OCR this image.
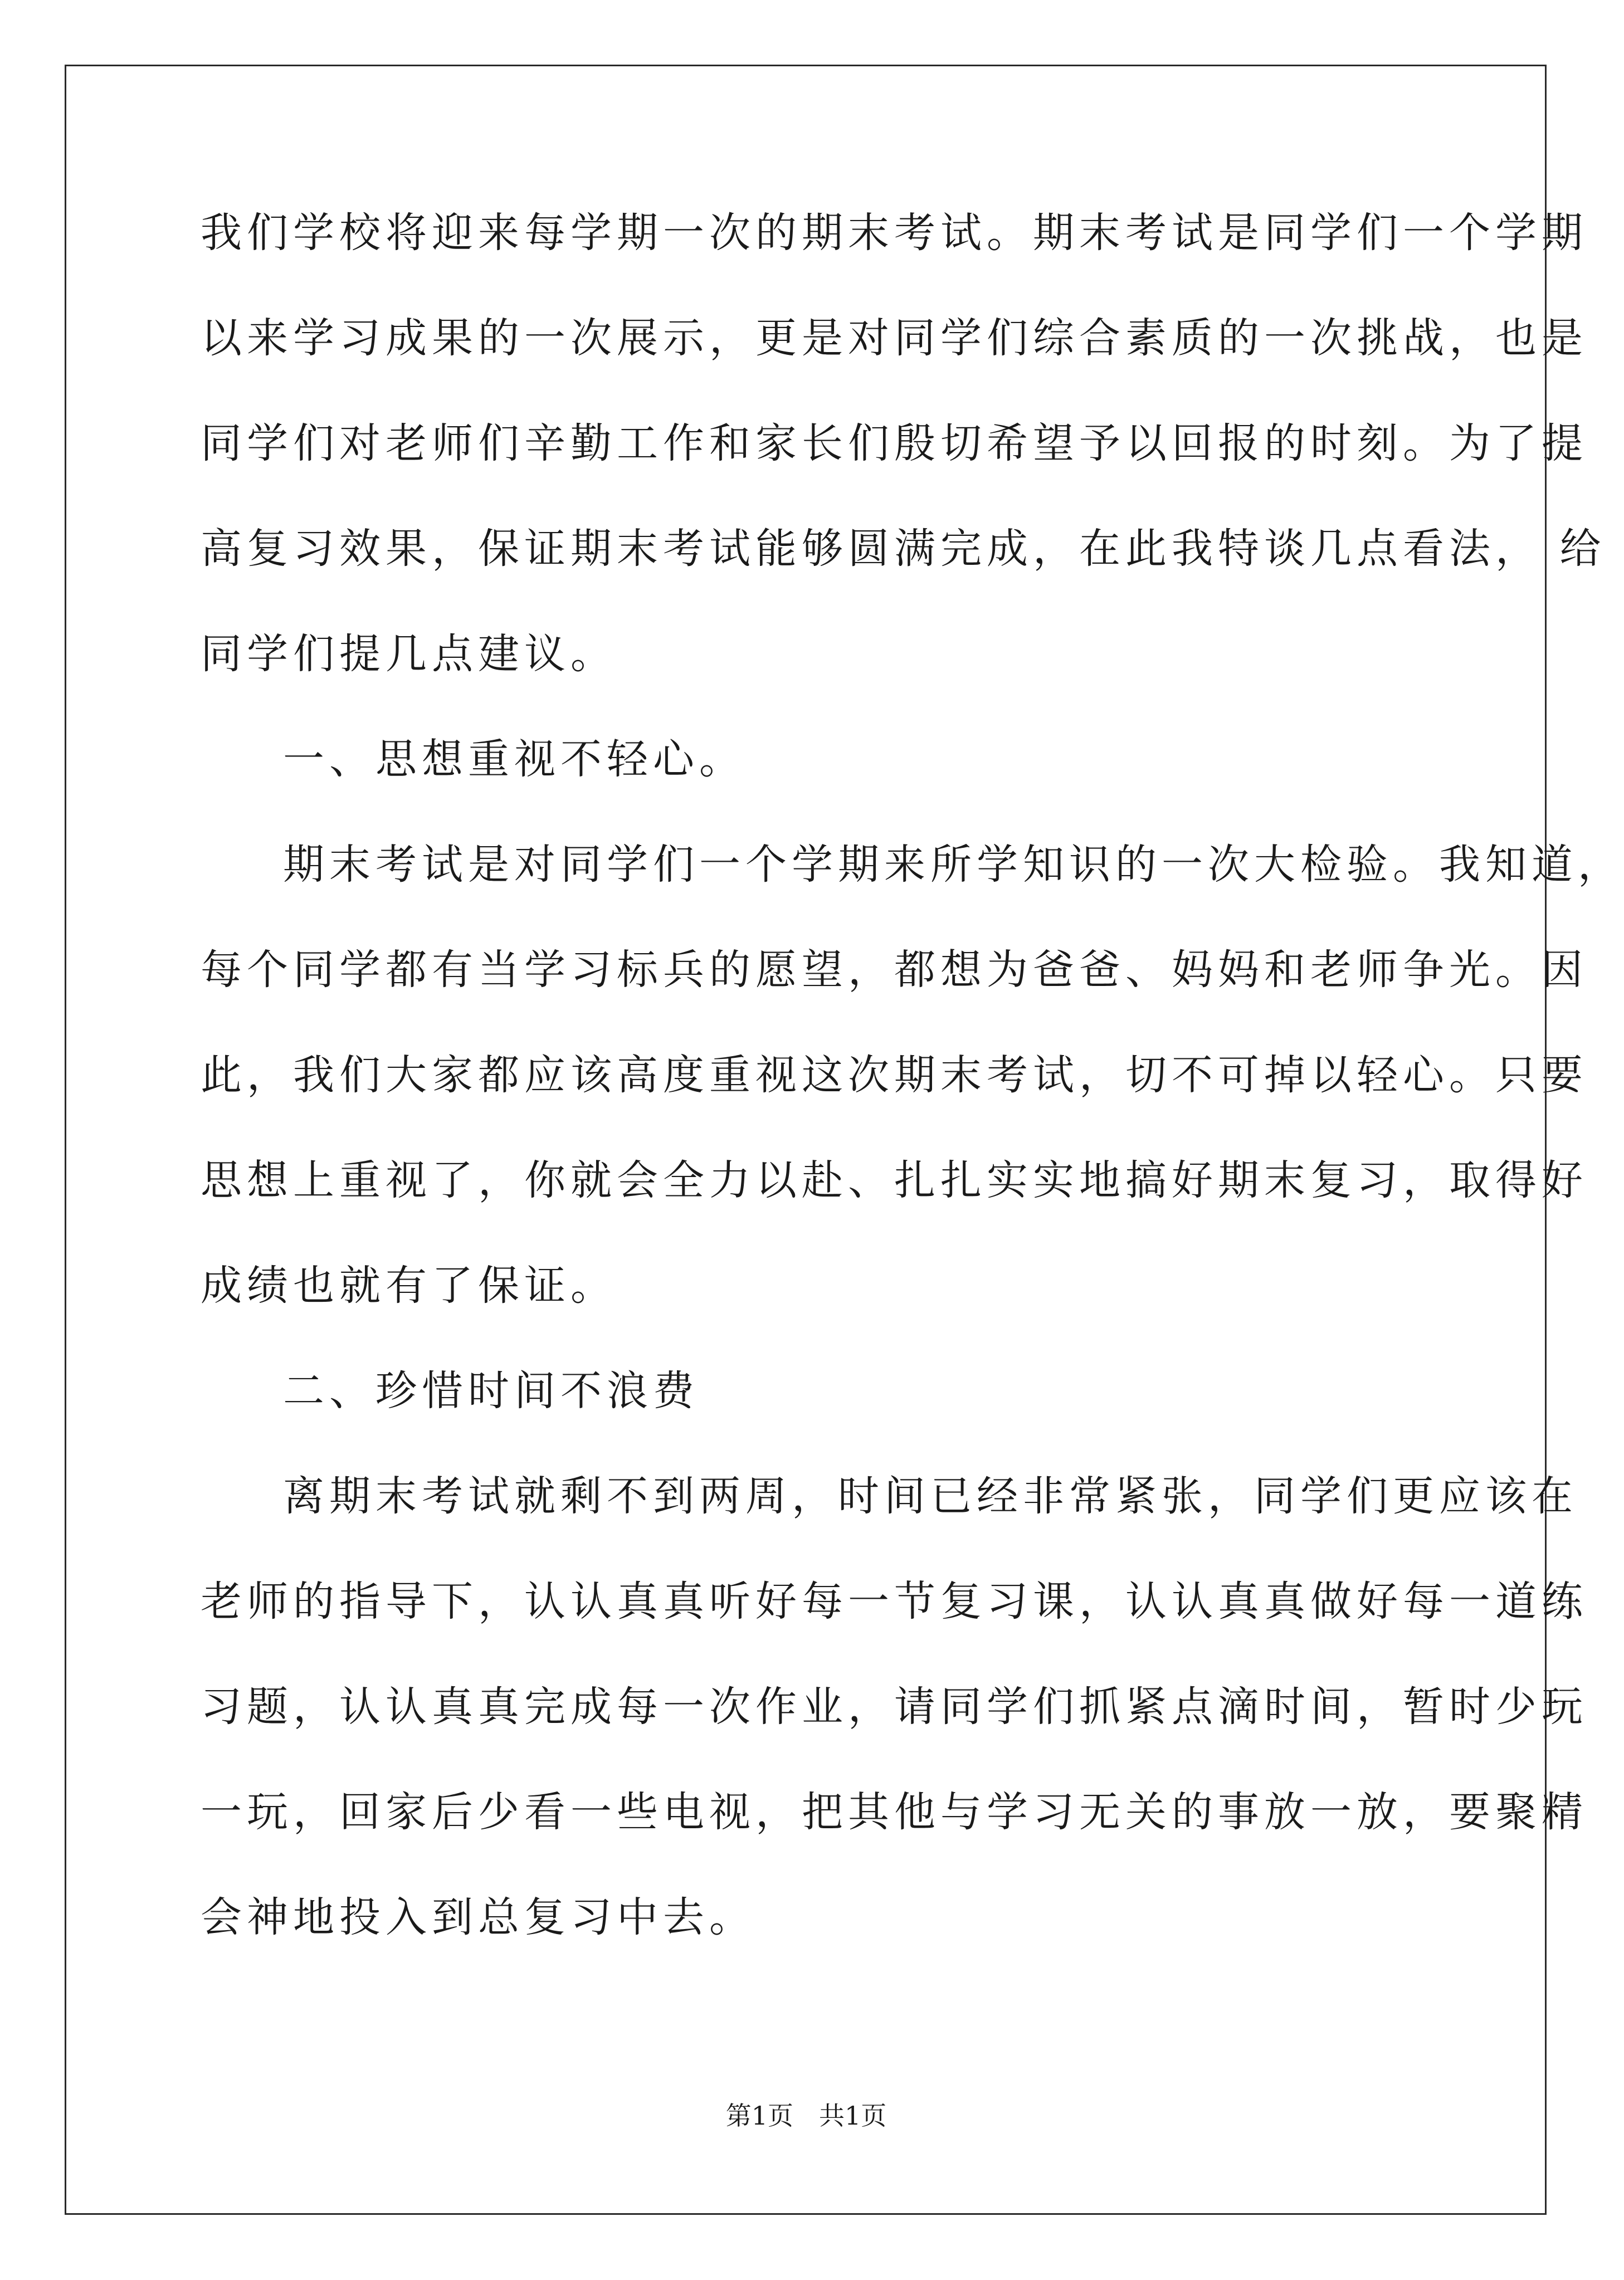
我们学校将迎来每学期一次的期末考试。期末考试是同学们一个学期
以来学习成果的一次展示，更是对同学们综合素质的一次挑战，也是
同学们对老师们辛勤工作和家长们殷切希望予以回报的时刻。为了提
高复习效果，保证期末考试能够圆满完成，在此我特谈几点看法， 给
同学们提几点建议。
一、思想重视不轻心。
期末考试是对同学们一个学期来所学知识的一次大检验。我知道，
每个同学都有当学习标兵的愿望，都想为爸爸、妈妈和老师争光。因
此，我们大家都应该高度重视这次期末考试，切不可掉以轻心。只要
思想上重视了，你就会全力以赴、扎扎实实地搞好期末复习，取得好
成绩也就有了保证。
二、珍惜时间不浪费
离期末考试就剩不到两周，时间已经非常紧张，同学们更应该在
老师的指导下，认认真真听好每一节复习课，认认真真做好每一道练
习题，认认真真完成每一次作业，请同学们抓紧点滴时间，暂时少玩
一玩，回家后少看一些电视，把其他与学习无关的事放一放，要聚精
会神地投入到总复习中去。
第1页 共1页
